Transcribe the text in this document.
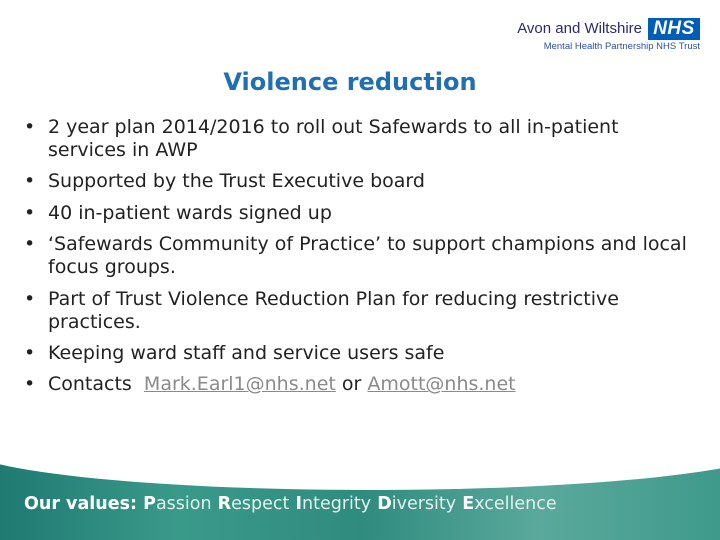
Avon and Wiltshire NHS
Mental Health Partnership NHS Trust
Violence reduction
• 2 year plan 2014/2016 to roll out Safewards to all in-patient services in AWP
• Supported by the Trust Executive board
• 40 in-patient wards signed up
• ‘Safewards Community of Practice’ to support champions and local focus groups.
• Part of Trust Violence Reduction Plan for reducing restrictive practices.
• Keeping ward staff and service users safe
• Contacts Mark.Earl1@nhs.net or Amott@nhs.net
Our values: Passion Respect Integrity Diversity Excellence
